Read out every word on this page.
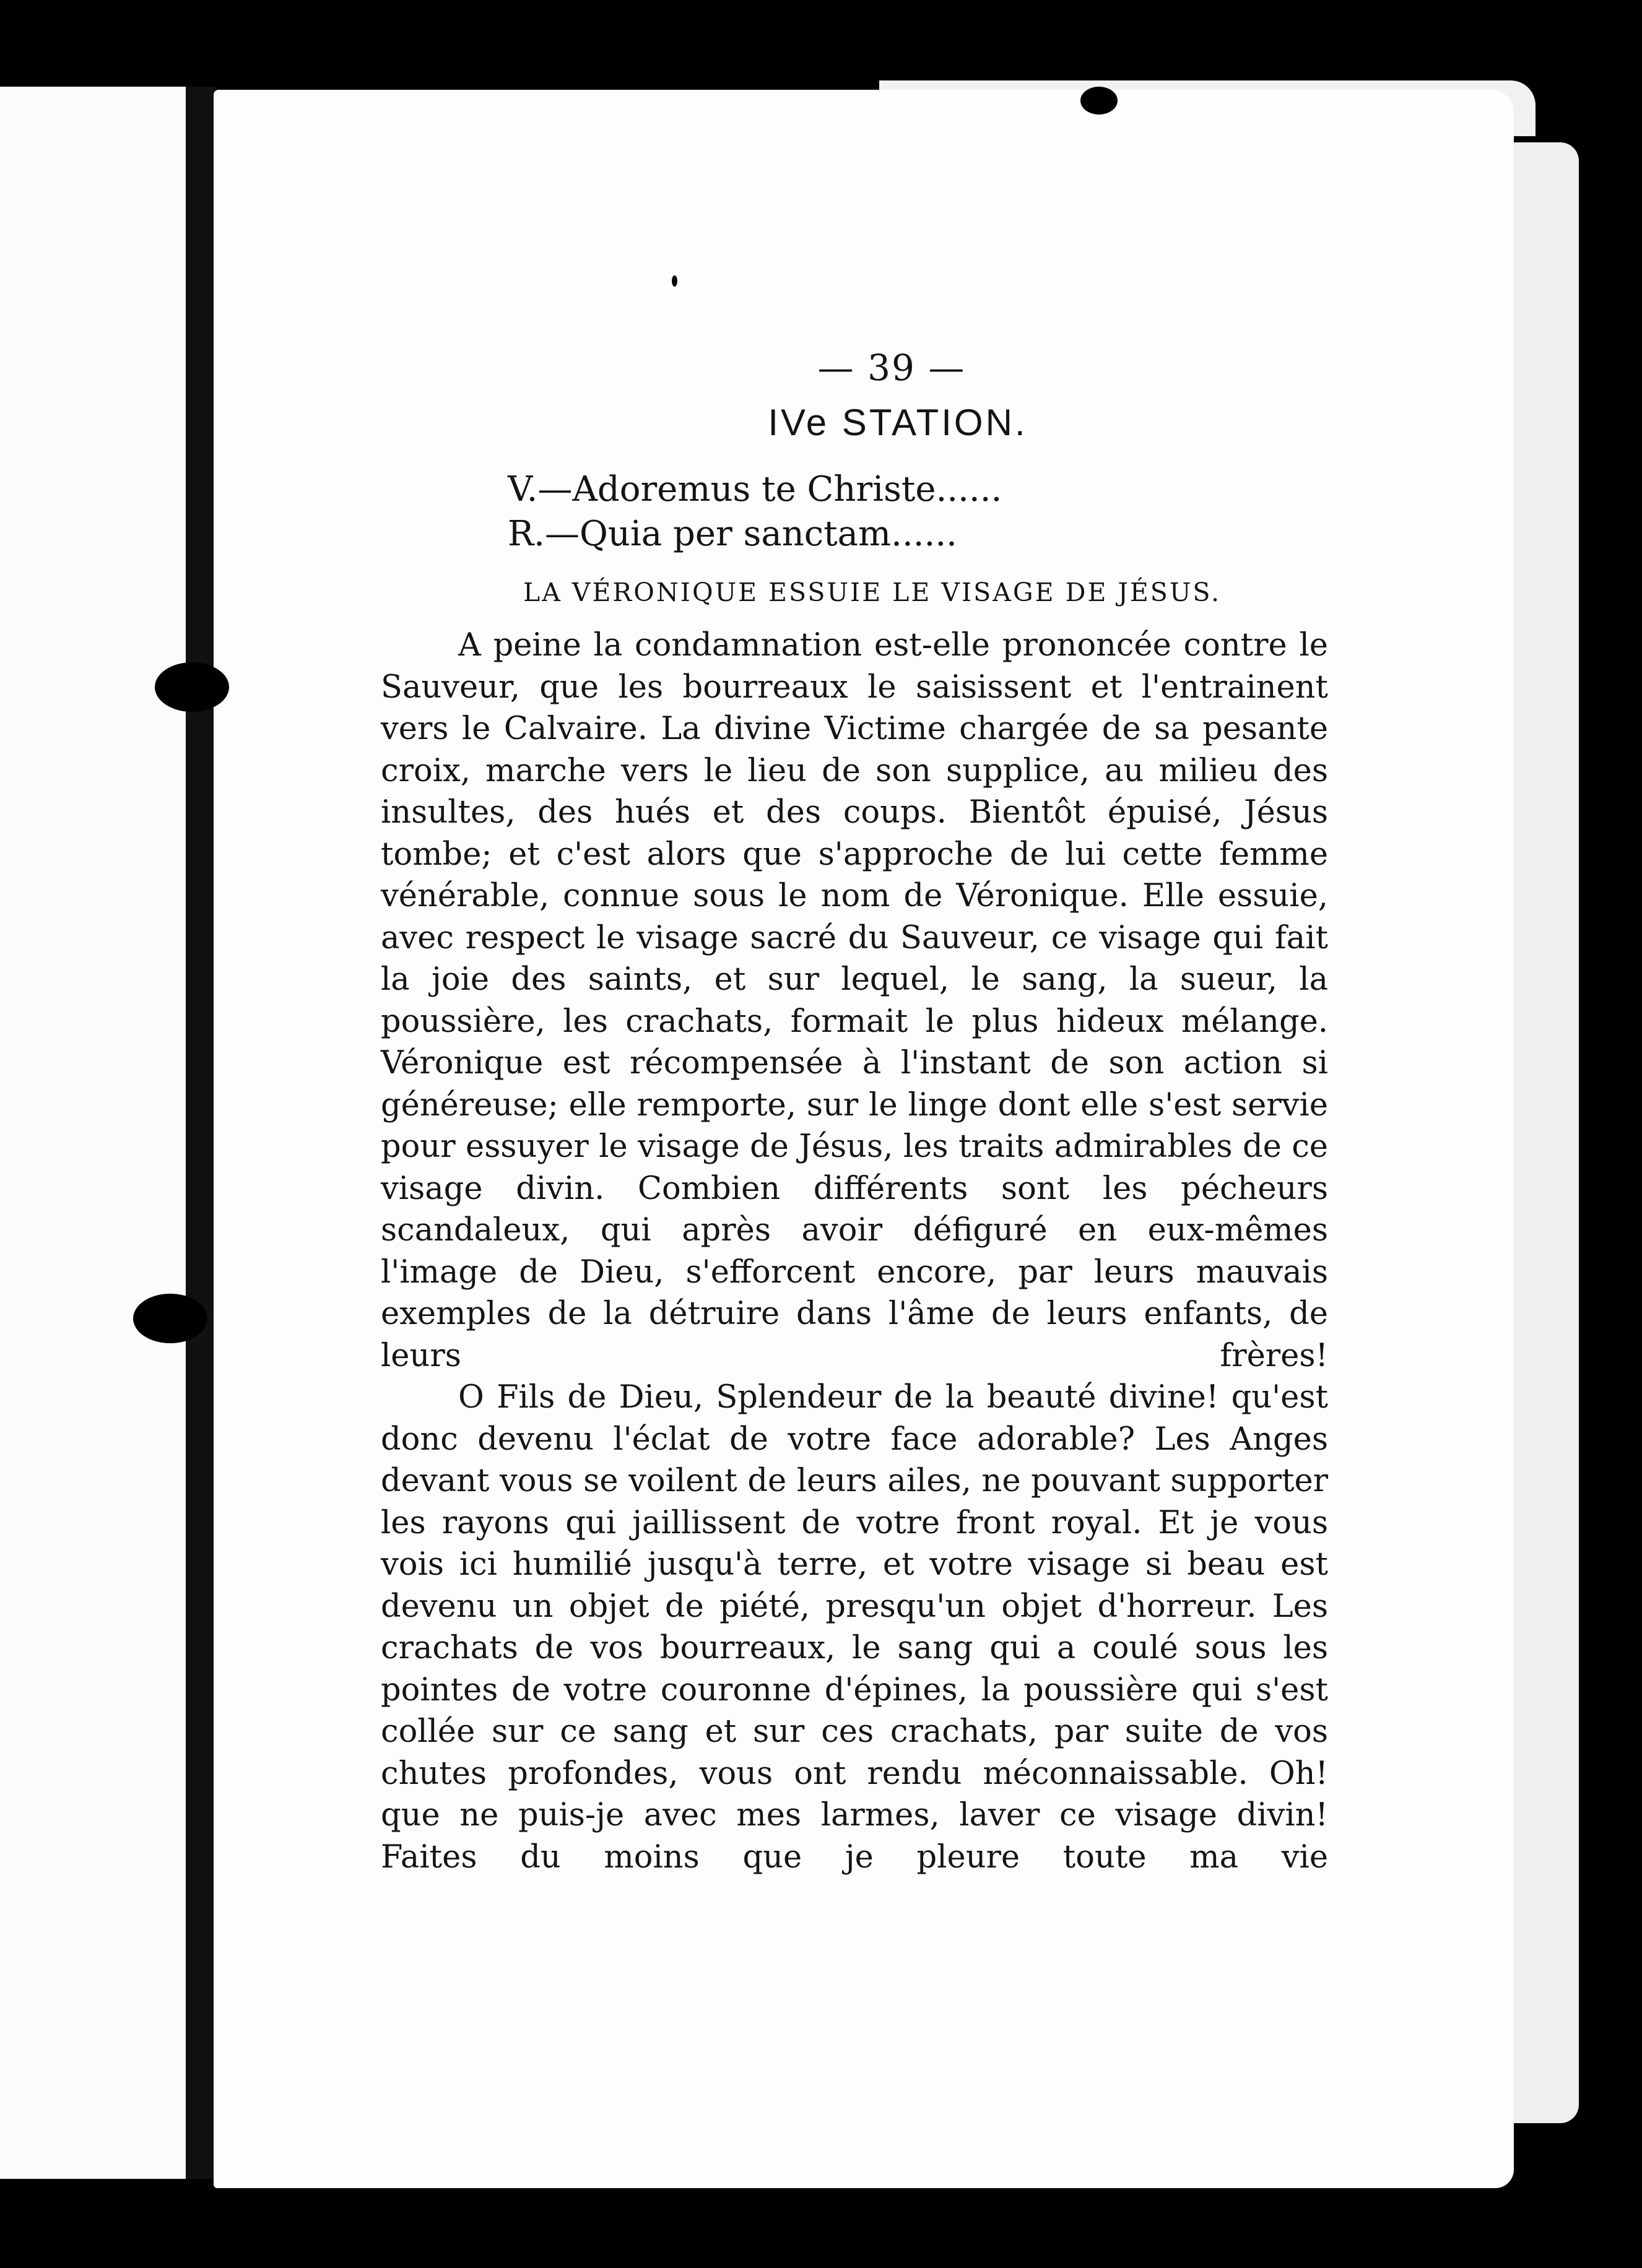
— 39 —
IVe STATION.
V.—Adoremus te Christe......
R.—Quia per sanctam......
LA VÉRONIQUE ESSUIE LE VISAGE DE JÉSUS.

A peine la condamnation est-elle prononcée contre le Sauveur, que les bourreaux le saisissent et l'entrainent vers le Calvaire. La divine Victime chargée de sa pesante croix, marche vers le lieu de son supplice, au milieu des insultes, des hués et des coups. Bientôt épuisé, Jésus tombe; et c'est alors que s'approche de lui cette femme vénérable, connue sous le nom de Véronique. Elle essuie, avec respect le visage sacré du Sauveur, ce visage qui fait la joie des saints, et sur lequel, le sang, la sueur, la poussière, les crachats, formait le plus hideux mélange. Véronique est récompensée à l'instant de son action si généreuse; elle remporte, sur le linge dont elle s'est servie pour essuyer le visage de Jésus, les traits admirables de ce visage divin. Combien différents sont les pécheurs scandaleux, qui après avoir défiguré en eux-mêmes l'image de Dieu, s'efforcent encore, par leurs mauvais exemples de la détruire dans l'âme de leurs enfants, de leurs frères!

O Fils de Dieu, Splendeur de la beauté divine! qu'est donc devenu l'éclat de votre face adorable? Les Anges devant vous se voilent de leurs ailes, ne pouvant supporter les rayons qui jaillissent de votre front royal. Et je vous vois ici humilié jusqu'à terre, et votre visage si beau est devenu un objet de piété, presqu'un objet d'horreur. Les crachats de vos bourreaux, le sang qui a coulé sous les pointes de votre couronne d'épines, la poussière qui s'est collée sur ce sang et sur ces crachats, par suite de vos chutes profondes, vous ont rendu méconnaissable. Oh! que ne puis-je avec mes larmes, laver ce visage divin! Faites du moins que je pleure toute ma vie
